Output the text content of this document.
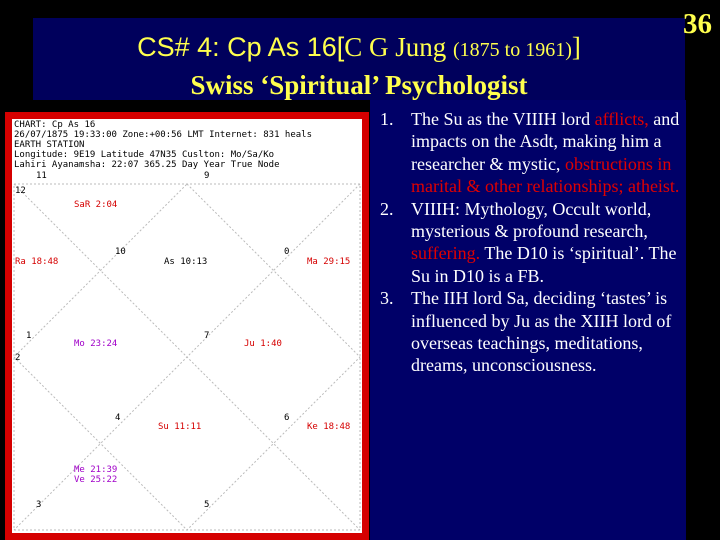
CS# 4: Cp As 16[C G Jung (1875 to 1961)]
Swiss ‘Spiritual’ Psychologist
36
CHART: Cp As 16
26/07/1875 19:33:00 Zone:+00:56 LMT Internet: 831 heals
EARTH STATION
Longitude: 9E19 Latitude 47N35 Cuslton: Mo/Sa/Ko
Lahiri Ayanamsha: 22:07 365.25 Day Year True Node
11	9
12
10	0
1	7
2
4	6
3	5
SaR 2:04
Ra 18:48	As 10:13	Ma 29:15
Mo 23:24	Ju 1:40
Su 11:11	Ke 18:48
Me 21:39
Ve 25:22
1. The Su as the VIIIH lord afflicts, and impacts on the Asdt, making him a researcher & mystic, obstructions in marital & other relationships; atheist.
2. VIIIH: Mythology, Occult world, mysterious & profound research, suffering. The D10 is ‘spiritual’. The Su in D10 is a FB.
3. The IIH lord Sa, deciding ‘tastes’ is influenced by Ju as the XIIH lord of overseas teachings, meditations, dreams, unconsciousness.
